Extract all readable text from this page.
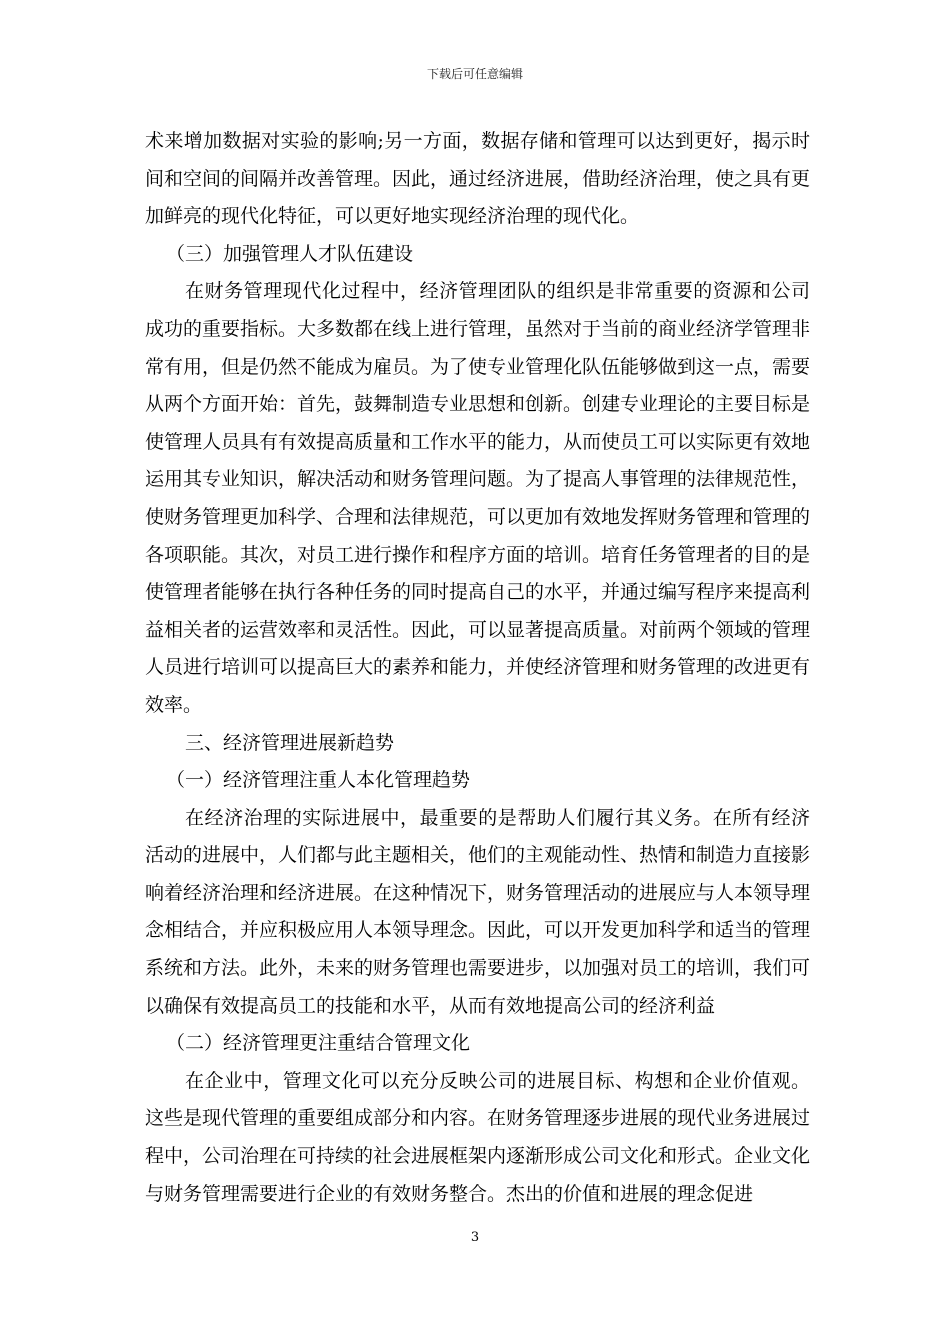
下载后可任意编辑

术来增加数据对实验的影响;另一方面，数据存储和管理可以达到更好，揭示时间和空间的间隔并改善管理。因此，通过经济进展，借助经济治理，使之具有更加鲜亮的现代化特征，可以更好地实现经济治理的现代化。

（三）加强管理人才队伍建设

在财务管理现代化过程中，经济管理团队的组织是非常重要的资源和公司成功的重要指标。大多数都在线上进行管理，虽然对于当前的商业经济学管理非常有用，但是仍然不能成为雇员。为了使专业管理化队伍能够做到这一点，需要从两个方面开始：首先，鼓舞制造专业思想和创新。创建专业理论的主要目标是使管理人员具有有效提高质量和工作水平的能力，从而使员工可以实际更有效地运用其专业知识，解决活动和财务管理问题。为了提高人事管理的法律规范性，使财务管理更加科学、合理和法律规范，可以更加有效地发挥财务管理和管理的各项职能。其次，对员工进行操作和程序方面的培训。培育任务管理者的目的是使管理者能够在执行各种任务的同时提高自己的水平，并通过编写程序来提高利益相关者的运营效率和灵活性。因此，可以显著提高质量。对前两个领域的管理人员进行培训可以提高巨大的素养和能力，并使经济管理和财务管理的改进更有效率。

三、经济管理进展新趋势

（一）经济管理注重人本化管理趋势

在经济治理的实际进展中，最重要的是帮助人们履行其义务。在所有经济活动的进展中，人们都与此主题相关，他们的主观能动性、热情和制造力直接影响着经济治理和经济进展。在这种情况下，财务管理活动的进展应与人本领导理念相结合，并应积极应用人本领导理念。因此，可以开发更加科学和适当的管理系统和方法。此外，未来的财务管理也需要进步，以加强对员工的培训，我们可以确保有效提高员工的技能和水平，从而有效地提高公司的经济利益

（二）经济管理更注重结合管理文化

在企业中，管理文化可以充分反映公司的进展目标、构想和企业价值观。这些是现代管理的重要组成部分和内容。在财务管理逐步进展的现代业务进展过程中，公司治理在可持续的社会进展框架内逐渐形成公司文化和形式。企业文化与财务管理需要进行企业的有效财务整合。杰出的价值和进展的理念促进

3
